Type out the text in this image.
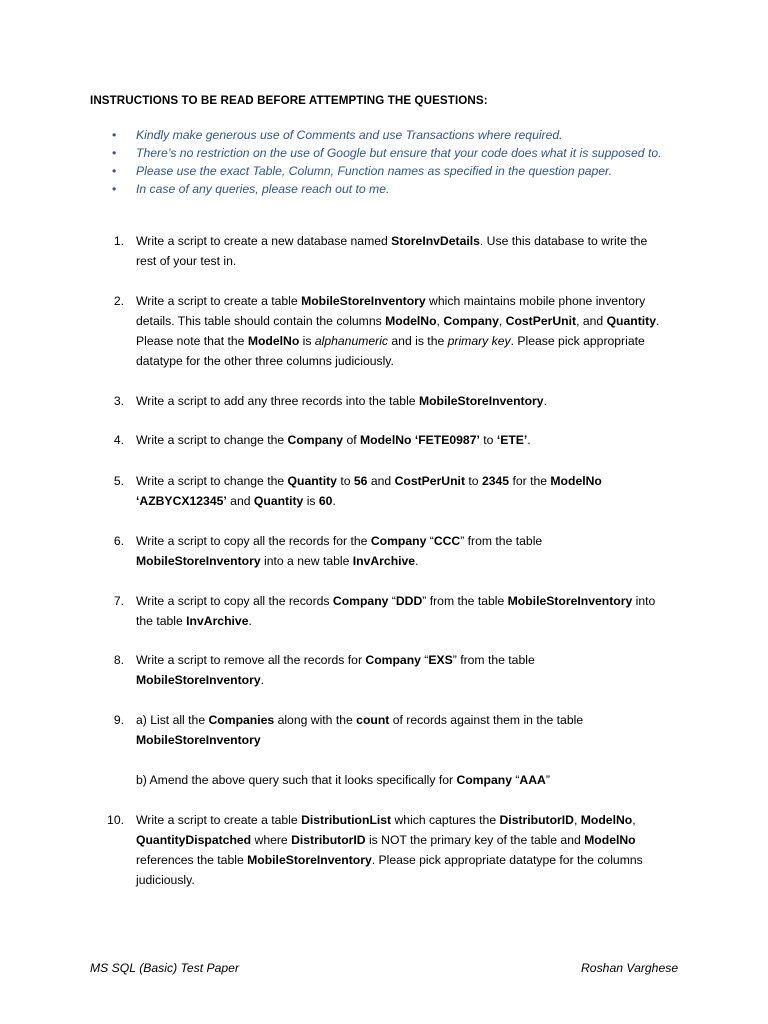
INSTRUCTIONS TO BE READ BEFORE ATTEMPTING THE QUESTIONS:
• Kindly make generous use of Comments and use Transactions where required.
• There’s no restriction on the use of Google but ensure that your code does what it is supposed to.
• Please use the exact Table, Column, Function names as specified in the question paper.
• In case of any queries, please reach out to me.
1. Write a script to create a new database named StoreInvDetails. Use this database to write the
rest of your test in.
2. Write a script to create a table MobileStoreInventory which maintains mobile phone inventory
details. This table should contain the columns ModelNo, Company, CostPerUnit, and Quantity.
Please note that the ModelNo is alphanumeric and is the primary key. Please pick appropriate
datatype for the other three columns judiciously.
3. Write a script to add any three records into the table MobileStoreInventory.
4. Write a script to change the Company of ModelNo ‘FETE0987’ to ‘ETE’.
5. Write a script to change the Quantity to 56 and CostPerUnit to 2345 for the ModelNo
‘AZBYCX12345’ and Quantity is 60.
6. Write a script to copy all the records for the Company “CCC” from the table
MobileStoreInventory into a new table InvArchive.
7. Write a script to copy all the records Company “DDD” from the table MobileStoreInventory into
the table InvArchive.
8. Write a script to remove all the records for Company “EXS” from the table
MobileStoreInventory.
9. a) List all the Companies along with the count of records against them in the table
MobileStoreInventory
b) Amend the above query such that it looks specifically for Company “AAA”
10. Write a script to create a table DistributionList which captures the DistributorID, ModelNo,
QuantityDispatched where DistributorID is NOT the primary key of the table and ModelNo
references the table MobileStoreInventory. Please pick appropriate datatype for the columns
judiciously.
MS SQL (Basic) Test Paper	Roshan Varghese
